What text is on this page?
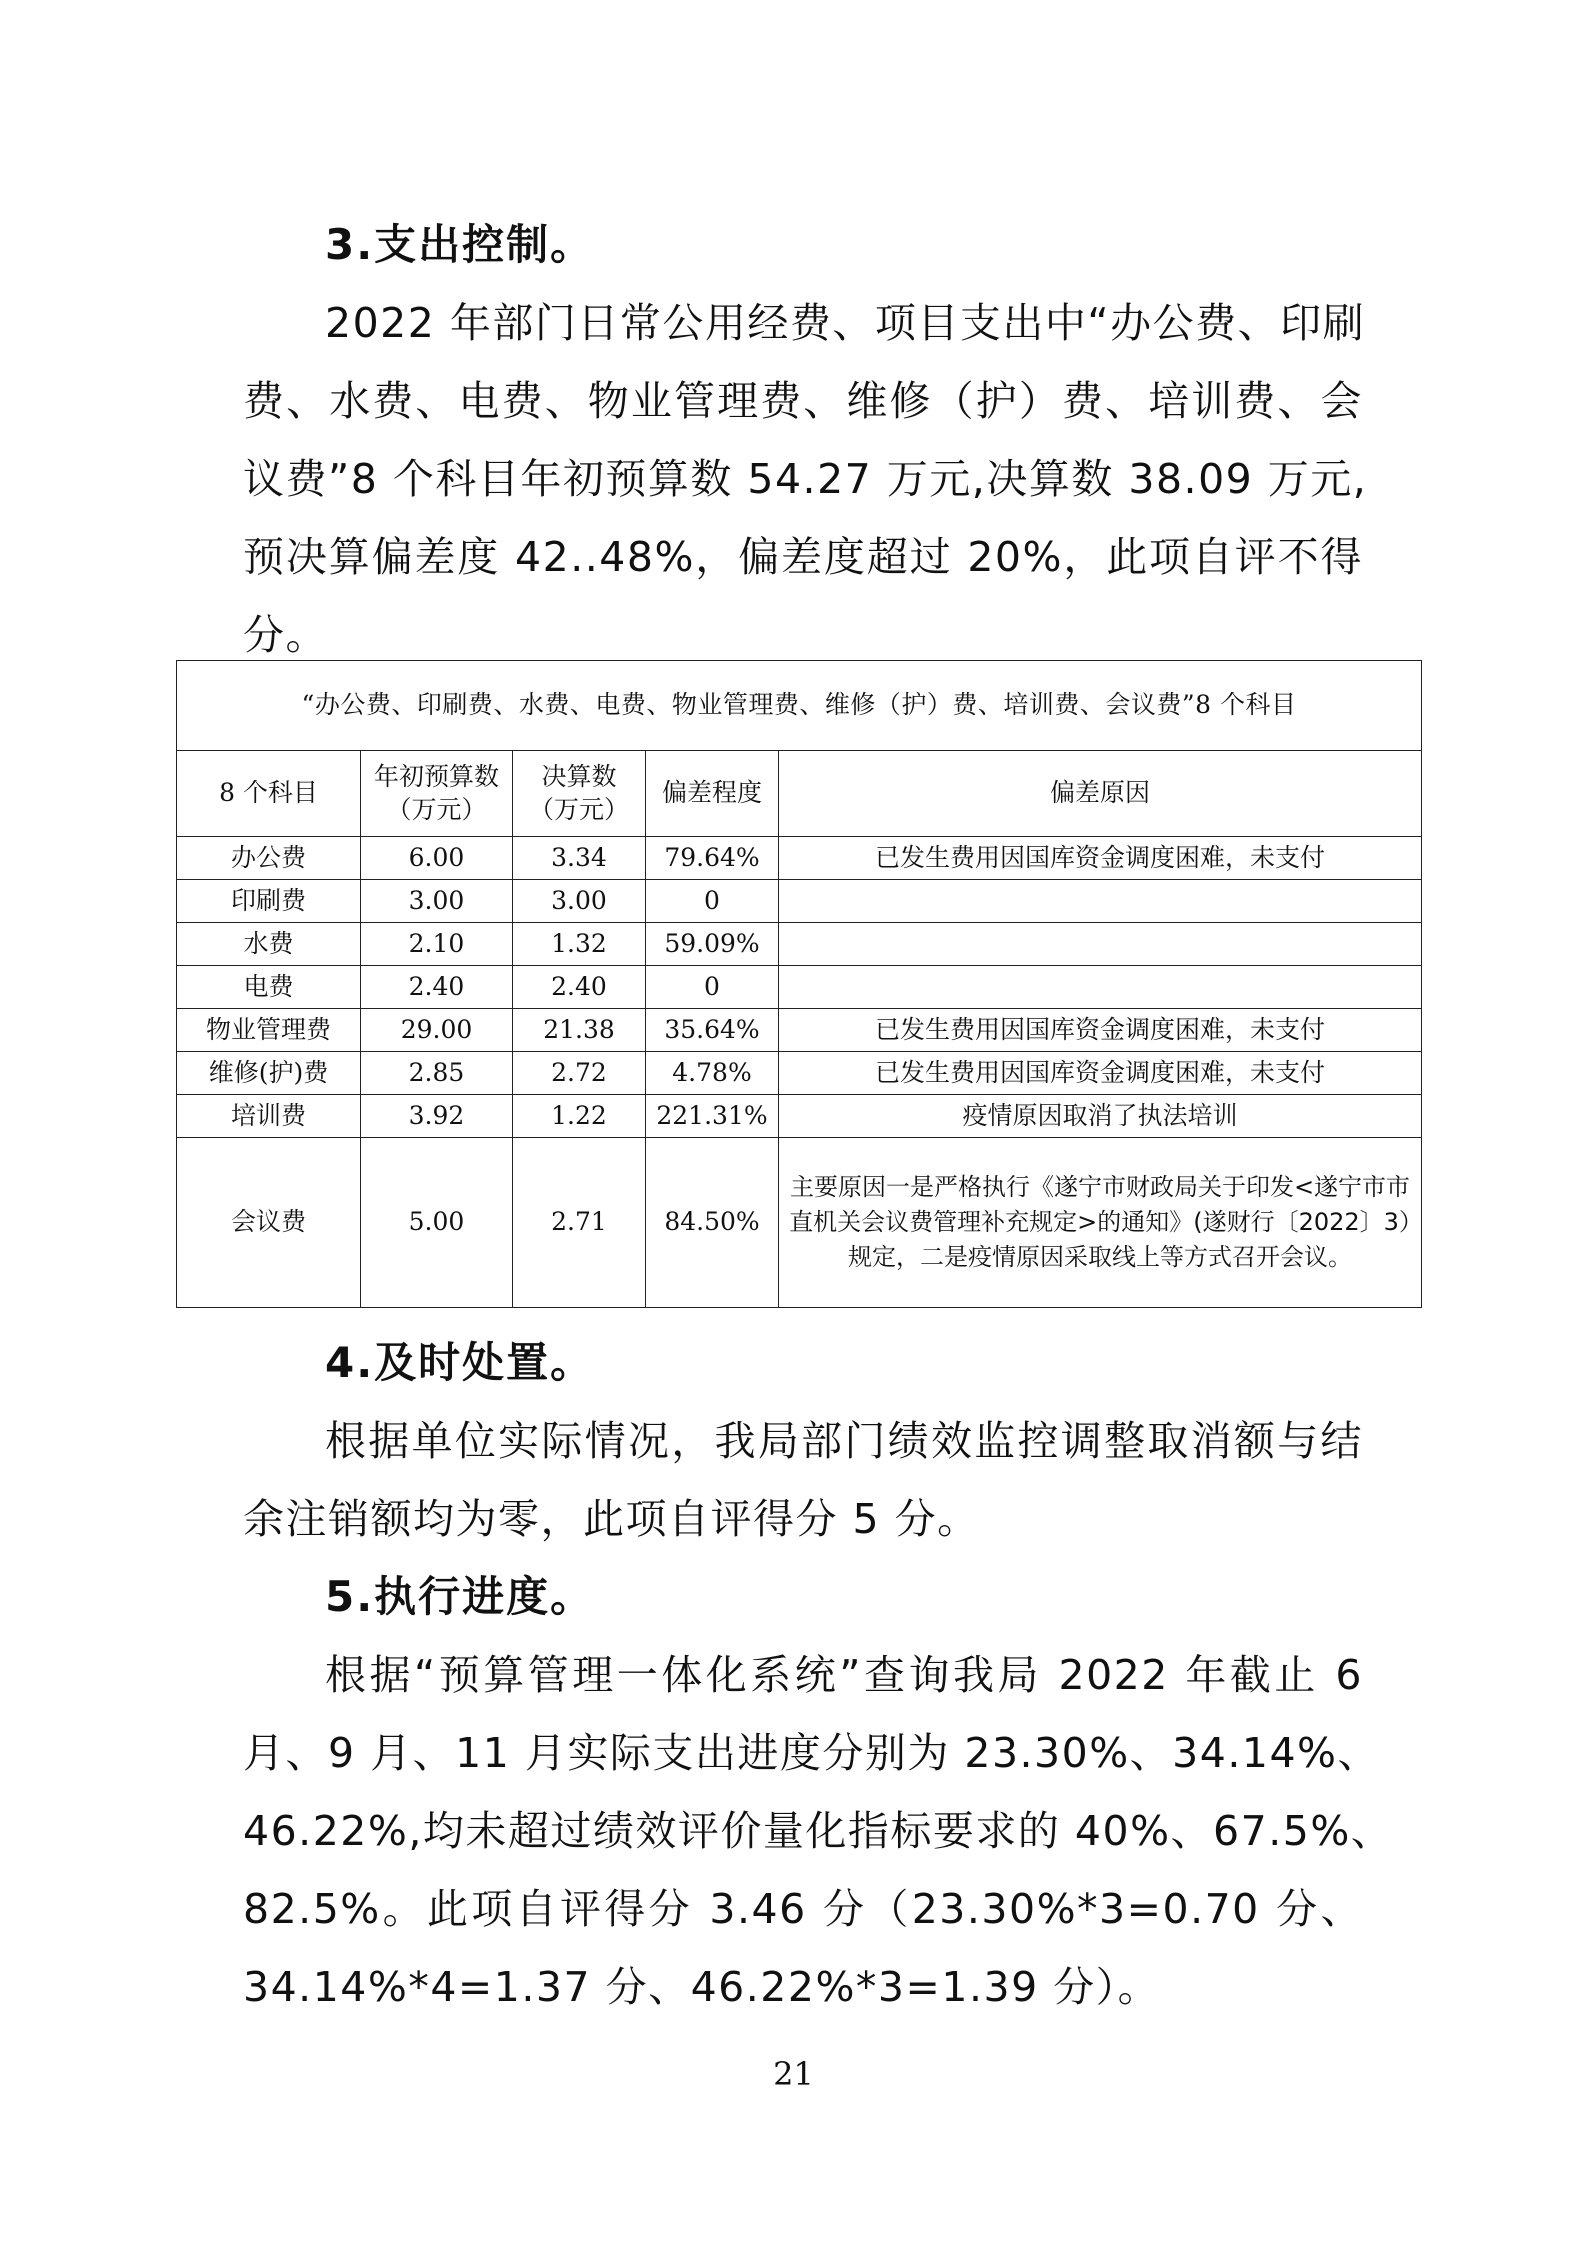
3.支出控制。
2022 年部门日常公用经费、项目支出中“办公费、印刷
费、水费、电费、物业管理费、维修（护）费、培训费、会
议费”8 个科目年初预算数 54.27 万元,决算数 38.09 万元,
预决算偏差度 42..48%，偏差度超过 20%，此项自评不得
分。
“办公费、印刷费、水费、电费、物业管理费、维修（护）费、培训费、会议费”8 个科目				
8 个科目	年初预算数（万元）	决算数（万元）	偏差程度	偏差原因
办公费	6.00	3.34	79.64%	已发生费用因国库资金调度困难，未支付
印刷费	3.00	3.00	0	
水费	2.10	1.32	59.09%	
电费	2.40	2.40	0	
物业管理费	29.00	21.38	35.64%	已发生费用因国库资金调度困难，未支付
维修(护)费	2.85	2.72	4.78%	已发生费用因国库资金调度困难，未支付
培训费	3.92	1.22	221.31%	疫情原因取消了执法培训
会议费	5.00	2.71	84.50%	主要原因一是严格执行《遂宁市财政局关于印发<遂宁市市直机关会议费管理补充规定>的通知》(遂财行〔2022〕3）规定，二是疫情原因采取线上等方式召开会议。
4.及时处置。
根据单位实际情况，我局部门绩效监控调整取消额与结
余注销额均为零，此项自评得分 5 分。
5.执行进度。
根据“预算管理一体化系统”查询我局 2022 年截止 6
月、9 月、11 月实际支出进度分别为 23.30%、34.14%、
46.22%,均未超过绩效评价量化指标要求的 40%、67.5%、
82.5%。此项自评得分 3.46 分（23.30%*3=0.70 分、
34.14%*4=1.37 分、46.22%*3=1.39 分）。
21
